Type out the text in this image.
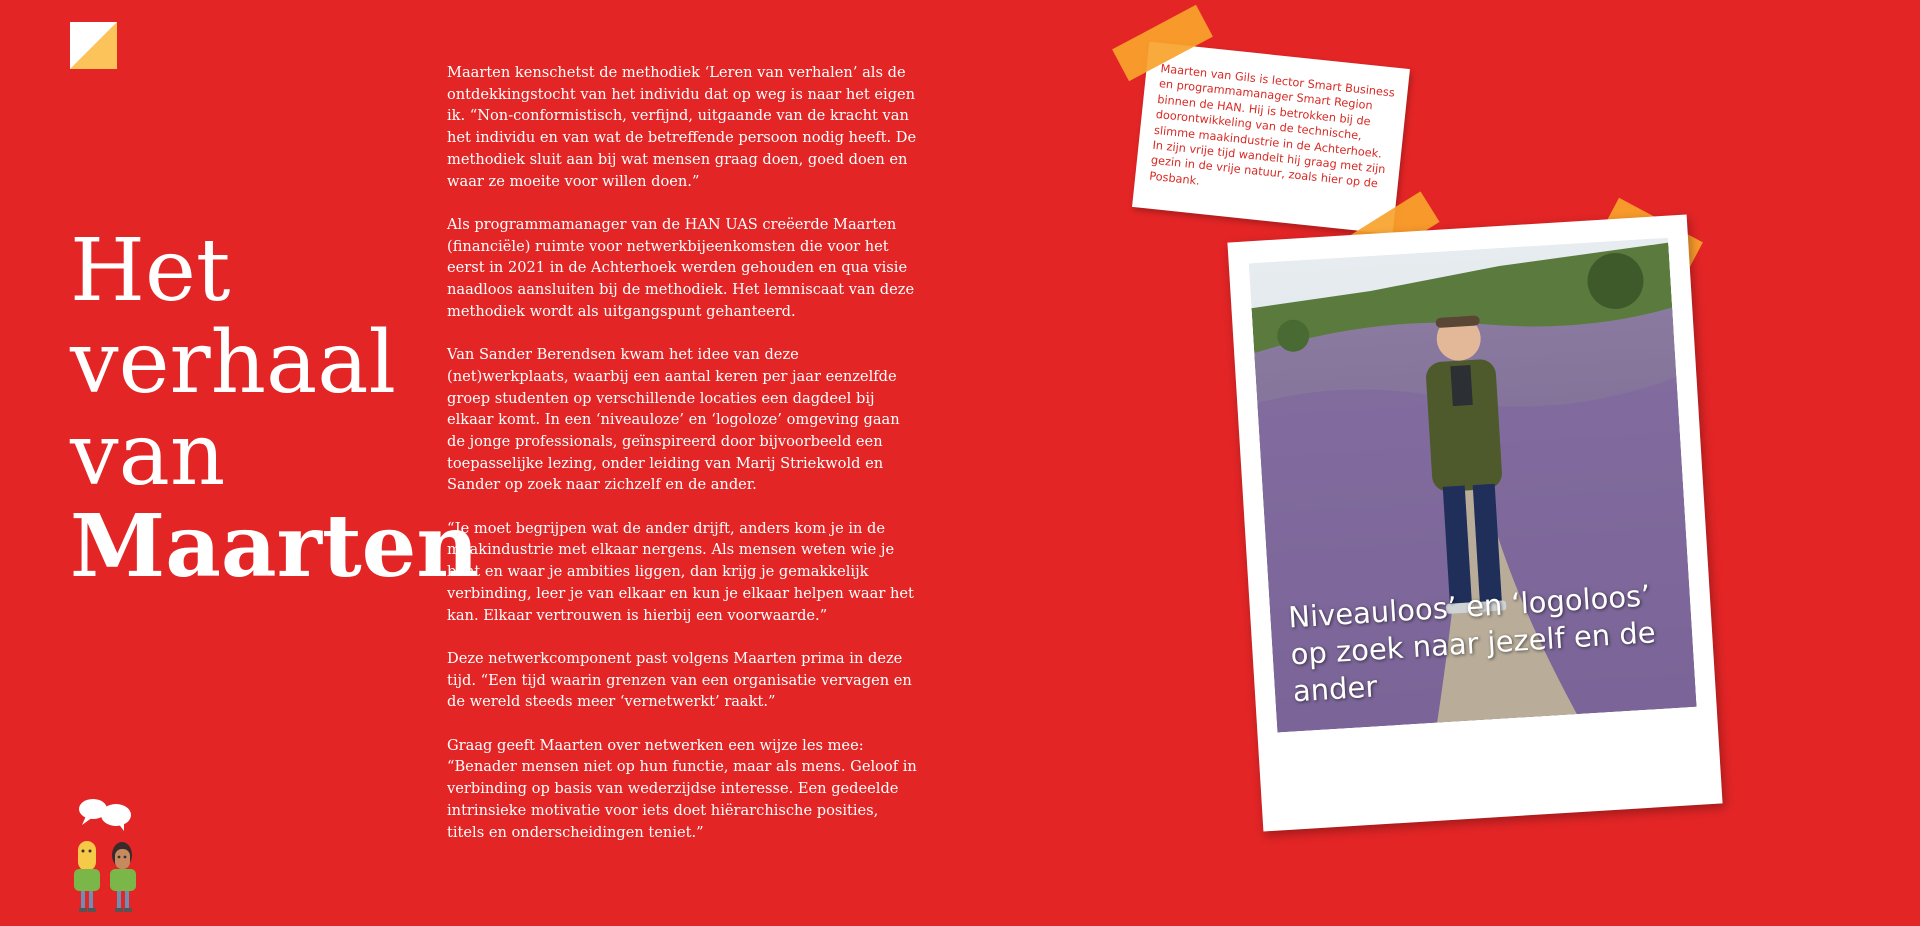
Het
verhaal
van
Maarten

Maarten kenschetst de methodiek ‘Leren van verhalen’ als de ontdekkingstocht van het individu dat op weg is naar het eigen ik. “Non-conformistisch, verfijnd, uitgaande van de kracht van het individu en van wat de betreffende persoon nodig heeft. De methodiek sluit aan bij wat mensen graag doen, goed doen en waar ze moeite voor willen doen.”

Als programmamanager van de HAN UAS creëerde Maarten (financiële) ruimte voor netwerkbijeenkomsten die voor het eerst in 2021 in de Achterhoek werden gehouden en qua visie naadloos aansluiten bij de methodiek. Het lemniscaat van deze methodiek wordt als uitgangspunt gehanteerd.

Van Sander Berendsen kwam het idee van deze (net)werkplaats, waarbij een aantal keren per jaar eenzelfde groep studenten op verschillende locaties een dagdeel bij elkaar komt. In een ‘niveauloze’ en ‘logoloze’ omgeving gaan de jonge professionals, geïnspireerd door bijvoorbeeld een toepasselijke lezing, onder leiding van Marij Striekwold en Sander op zoek naar zichzelf en de ander.

“Je moet begrijpen wat de ander drijft, anders kom je in de maakindustrie met elkaar nergens. Als mensen weten wie je bent en waar je ambities liggen, dan krijg je gemakkelijk verbinding, leer je van elkaar en kun je elkaar helpen waar het kan. Elkaar vertrouwen is hierbij een voorwaarde.”

Deze netwerkcomponent past volgens Maarten prima in deze tijd. “Een tijd waarin grenzen van een organisatie vervagen en de wereld steeds meer ‘vernetwerkt’ raakt.”

Graag geeft Maarten over netwerken een wijze les mee: “Benader mensen niet op hun functie, maar als mens. Geloof in verbinding op basis van wederzijdse interesse. Een gedeelde intrinsieke motivatie voor iets doet hiërarchische posities, titels en onderscheidingen teniet.”

Maarten van Gils is lector Smart Business en programmamanager Smart Region binnen de HAN. Hij is betrokken bij de doorontwikkeling van de technische, slimme maakindustrie in de Achterhoek. In zijn vrije tijd wandelt hij graag met zijn gezin in de vrije natuur, zoals hier op de Posbank.
Niveauloos’ en ‘logoloos’ op zoek naar jezelf en de ander
